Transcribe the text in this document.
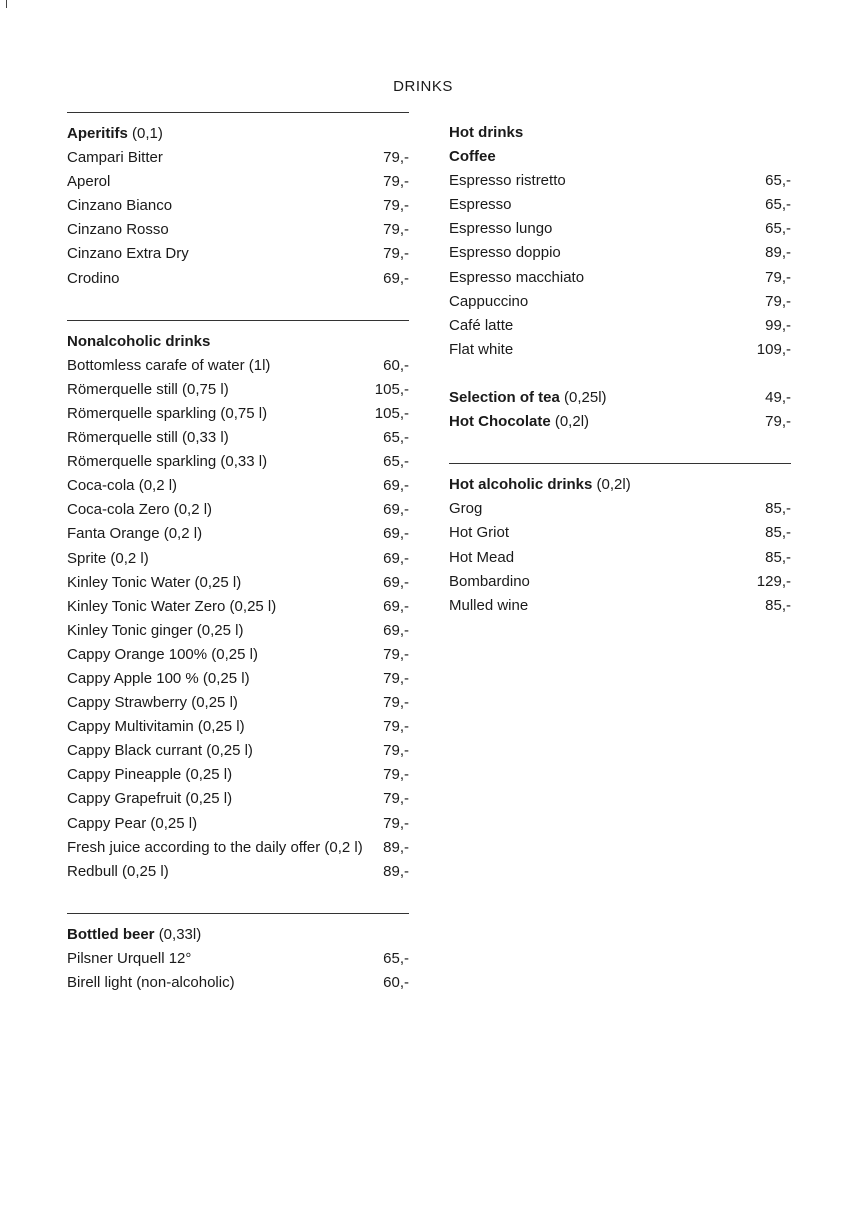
DRINKS
Aperitifs (0,1)
Campari Bitter	79,-
Aperol	79,-
Cinzano Bianco	79,-
Cinzano Rosso	79,-
Cinzano Extra Dry	79,-
Crodino	69,-
Nonalcoholic drinks
Bottomless carafe of water (1l)	60,-
Römerquelle still (0,75 l)	105,-
Römerquelle sparkling (0,75 l)	105,-
Römerquelle still (0,33 l)	65,-
Römerquelle sparkling (0,33 l)	65,-
Coca-cola (0,2 l)	69,-
Coca-cola Zero (0,2 l)	69,-
Fanta Orange (0,2 l)	69,-
Sprite (0,2 l)	69,-
Kinley Tonic Water (0,25 l)	69,-
Kinley Tonic Water Zero (0,25 l)	69,-
Kinley Tonic ginger (0,25 l)	69,-
Cappy Orange 100% (0,25 l)	79,-
Cappy Apple 100 % (0,25 l)	79,-
Cappy Strawberry (0,25 l)	79,-
Cappy Multivitamin (0,25 l)	79,-
Cappy Black currant (0,25 l)	79,-
Cappy Pineapple (0,25 l)	79,-
Cappy Grapefruit (0,25 l)	79,-
Cappy Pear (0,25 l)	79,-
Fresh juice according to the daily offer (0,2 l)	89,-
Redbull (0,25 l)	89,-
Bottled beer (0,33l)
Pilsner Urquell 12°	65,-
Birell light (non-alcoholic)	60,-
Hot drinks
Coffee
Espresso ristretto	65,-
Espresso	65,-
Espresso lungo	65,-
Espresso doppio	89,-
Espresso macchiato	79,-
Cappuccino	79,-
Café latte	99,-
Flat white	109,-
Selection of tea (0,25l)	49,-
Hot Chocolate (0,2l)	79,-
Hot alcoholic drinks (0,2l)
Grog	85,-
Hot Griot	85,-
Hot Mead	85,-
Bombardino	129,-
Mulled wine	85,-
